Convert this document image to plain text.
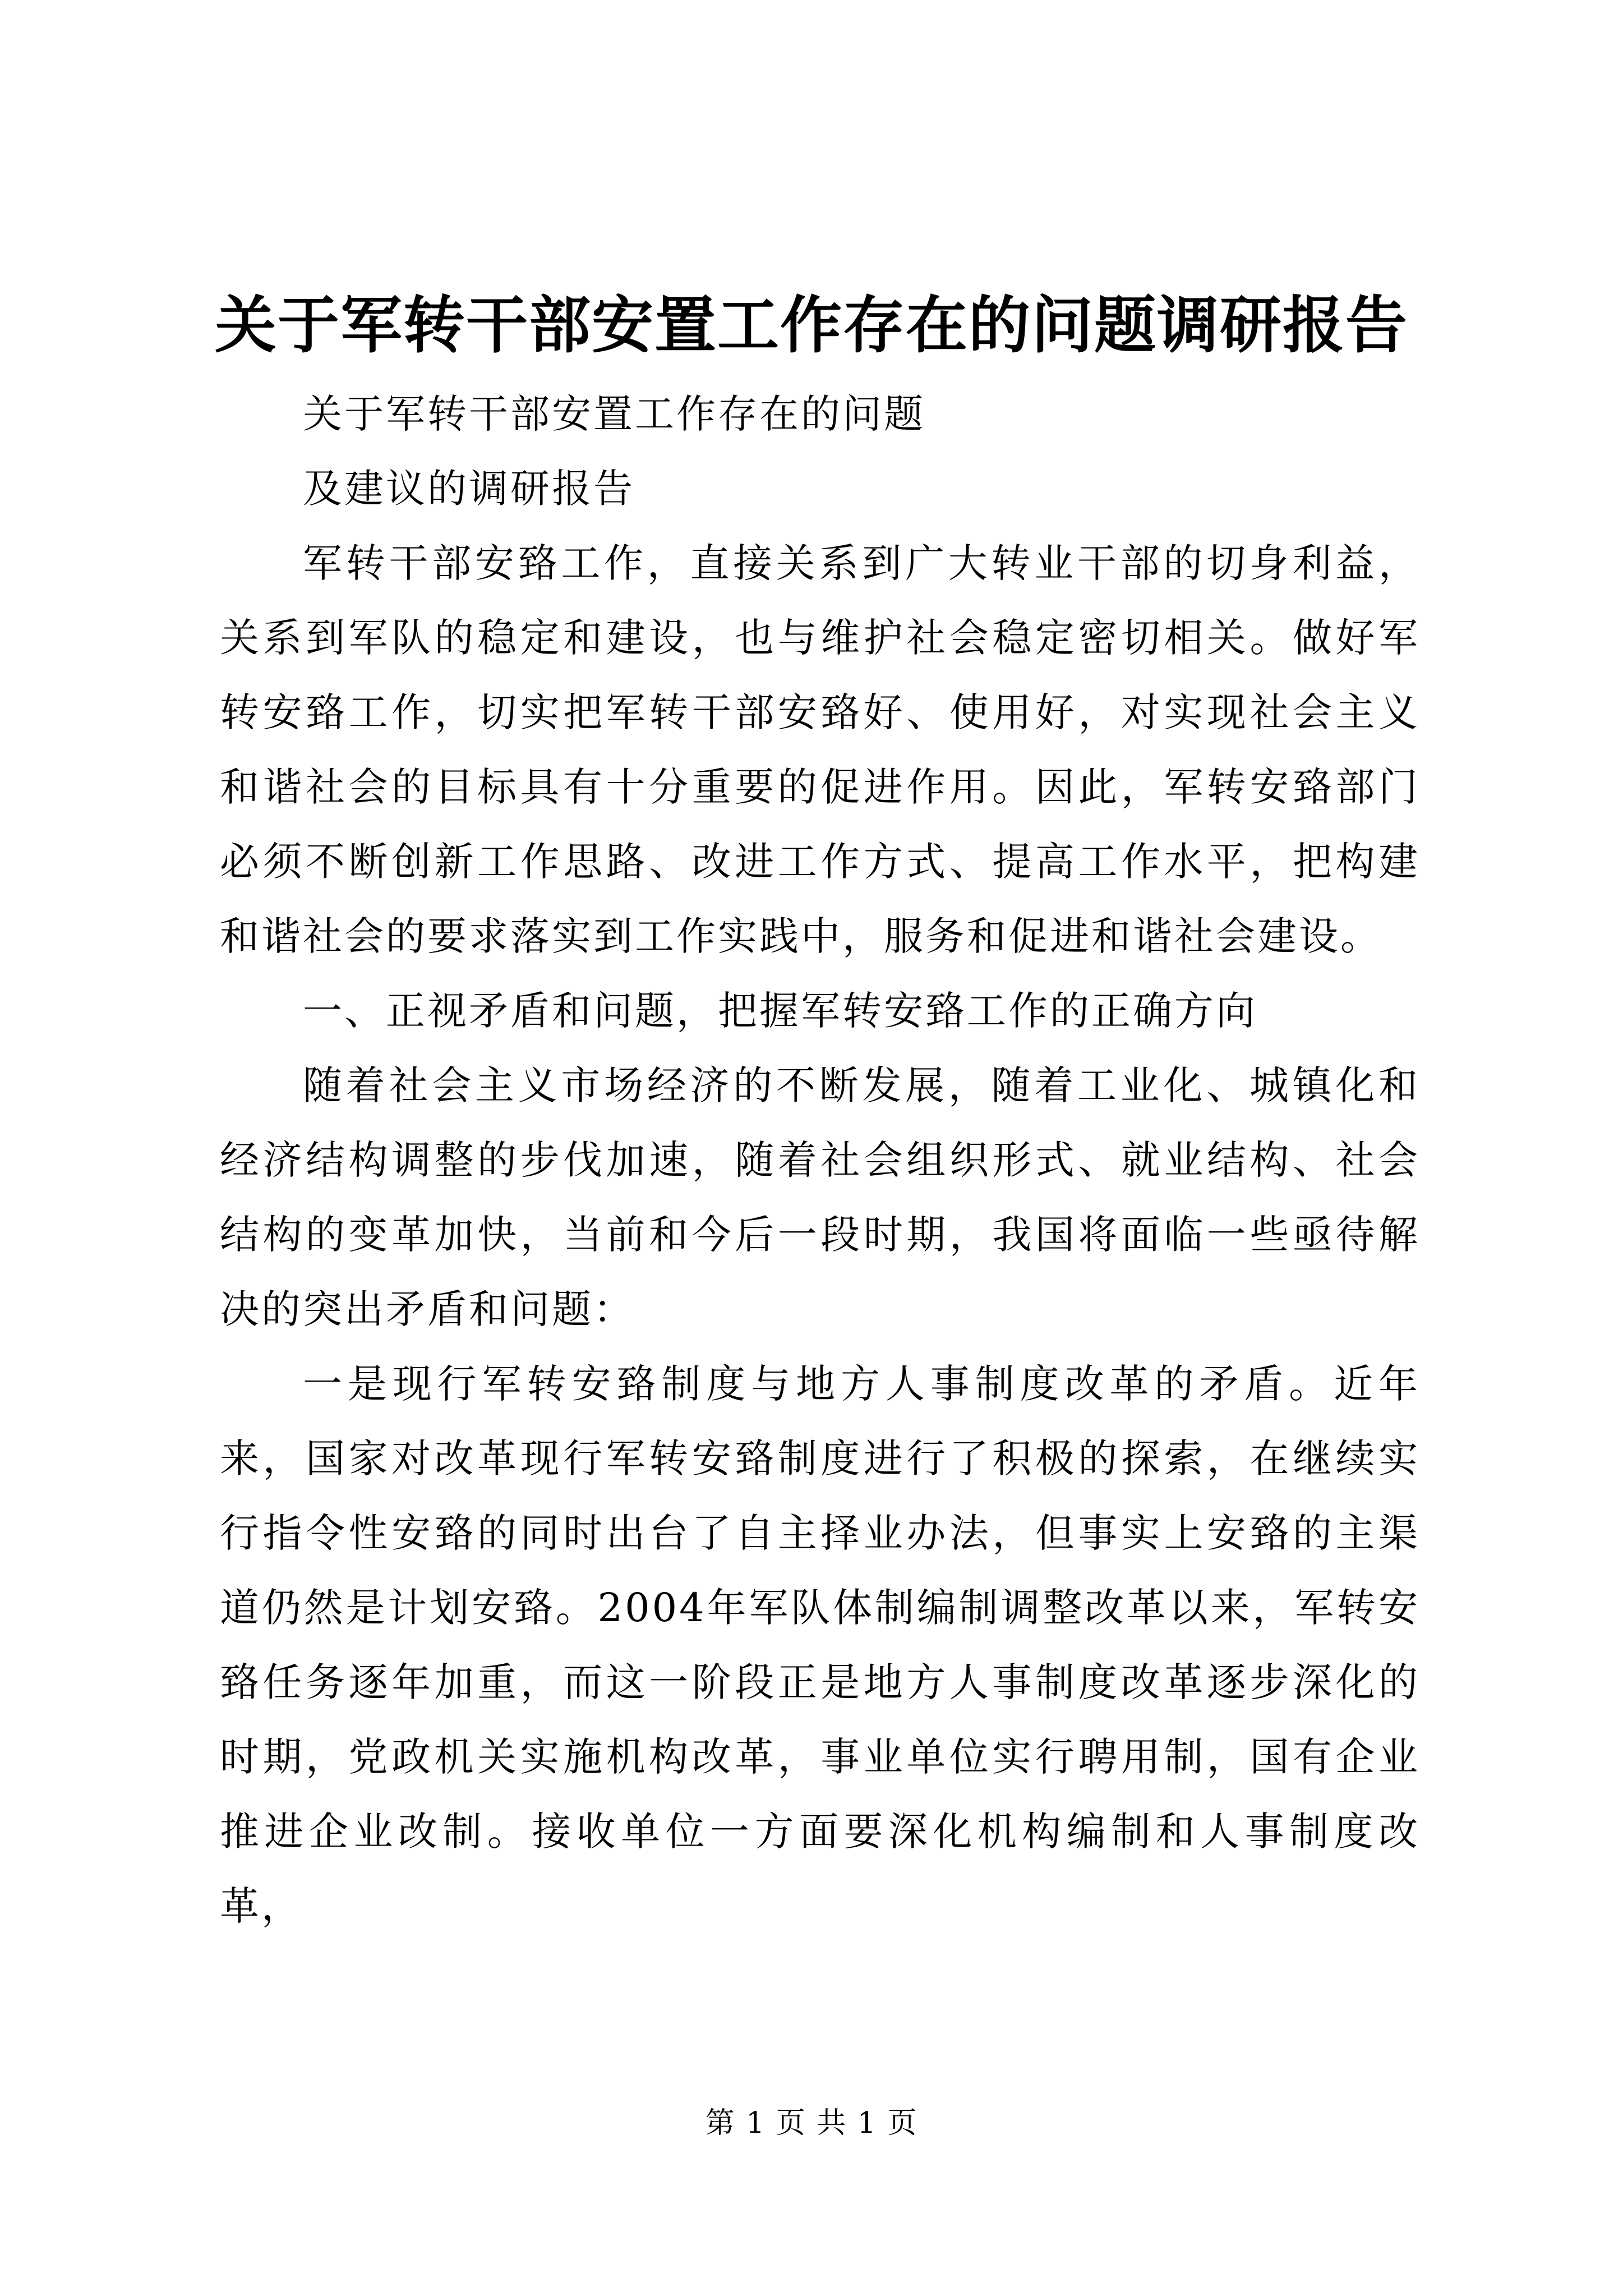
关于军转干部安置工作存在的问题调研报告

关于军转干部安置工作存在的问题

及建议的调研报告

军转干部安臵工作，直接关系到广大转业干部的切身利益，关系到军队的稳定和建设，也与维护社会稳定密切相关。做好军转安臵工作，切实把军转干部安臵好、使用好，对实现社会主义和谐社会的目标具有十分重要的促进作用。因此，军转安臵部门必须不断创新工作思路、改进工作方式、提高工作水平，把构建和谐社会的要求落实到工作实践中，服务和促进和谐社会建设。

一、正视矛盾和问题，把握军转安臵工作的正确方向

随着社会主义市场经济的不断发展，随着工业化、城镇化和经济结构调整的步伐加速，随着社会组织形式、就业结构、社会结构的变革加快，当前和今后一段时期，我国将面临一些亟待解决的突出矛盾和问题：

一是现行军转安臵制度与地方人事制度改革的矛盾。近年来，国家对改革现行军转安臵制度进行了积极的探索，在继续实行指令性安臵的同时出台了自主择业办法，但事实上安臵的主渠道仍然是计划安臵。2004年军队体制编制调整改革以来，军转安臵任务逐年加重，而这一阶段正是地方人事制度改革逐步深化的时期，党政机关实施机构改革，事业单位实行聘用制，国有企业推进企业改制。接收单位一方面要深化机构编制和人事制度改革，

第 1 页 共 1 页
